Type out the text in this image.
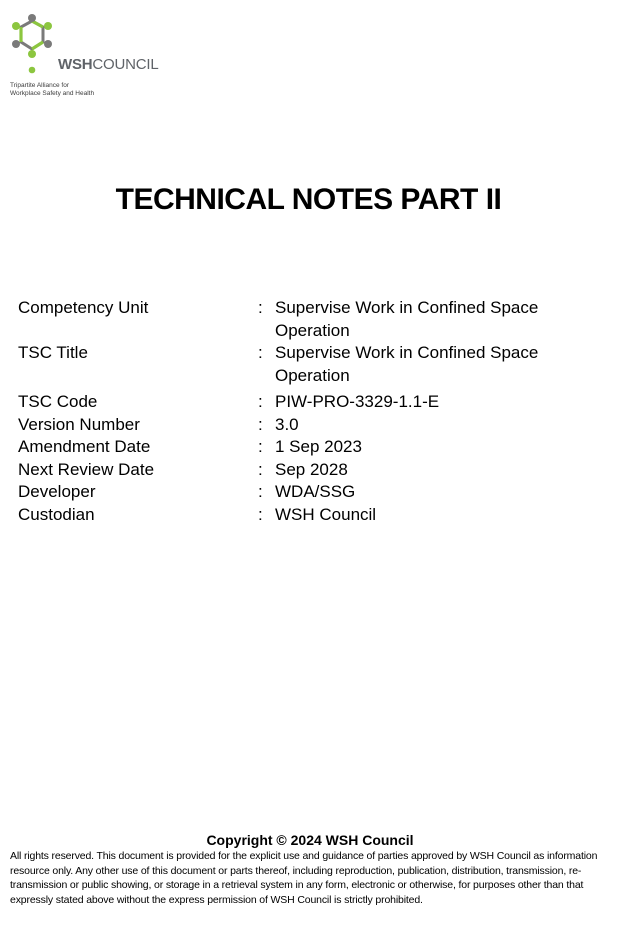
WSHCOUNCIL
Tripartite Alliance for
Workplace Safety and Health
TECHNICAL NOTES PART II
Competency Unit	: Supervise Work in Confined Space Operation
TSC Title	: Supervise Work in Confined Space Operation
TSC Code	: PIW-PRO-3329-1.1-E
Version Number	: 3.0
Amendment Date	: 1 Sep 2023
Next Review Date	: Sep 2028
Developer	: WDA/SSG
Custodian	: WSH Council
Copyright © 2024 WSH Council
All rights reserved. This document is provided for the explicit use and guidance of parties approved by WSH Council as information resource only. Any other use of this document or parts thereof, including reproduction, publication, distribution, transmission, re-transmission or public showing, or storage in a retrieval system in any form, electronic or otherwise, for purposes other than that expressly stated above without the express permission of WSH Council is strictly prohibited.
